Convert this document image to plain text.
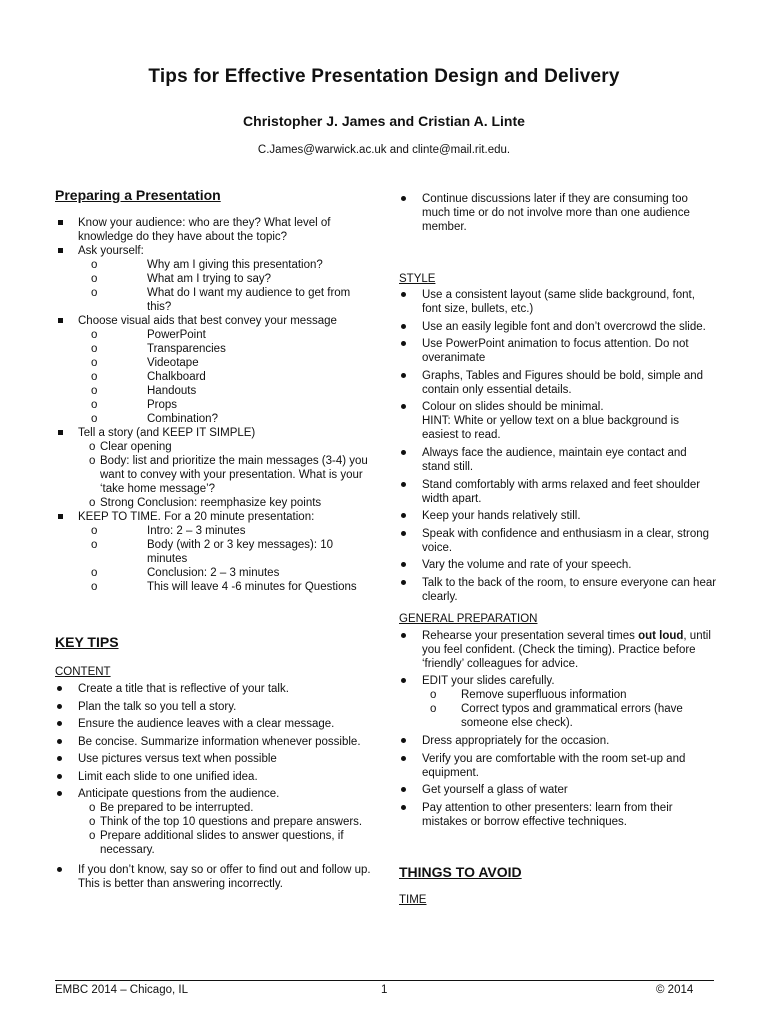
Tips for Effective Presentation Design and Delivery
Christopher J. James and Cristian A. Linte
C.James@warwick.ac.uk and clinte@mail.rit.edu.
Preparing a Presentation
Know your audience: who are they? What level of knowledge do they have about the topic?
Ask yourself:
o	Why am I giving this presentation?
o	What am I trying to say?
o	What do I want my audience to get from this?
Choose visual aids that best convey your message
o	PowerPoint
o	Transparencies
o	Videotape
o	Chalkboard
o	Handouts
o	Props
o	Combination?
Tell a story (and KEEP IT SIMPLE)
o Clear opening
o Body: list and prioritize the main messages (3-4) you want to convey with your presentation. What is your ‘take home message’?
o Strong Conclusion: reemphasize key points
KEEP TO TIME. For a 20 minute presentation:
o	Intro: 2 – 3 minutes
o	Body (with 2 or 3 key messages): 10 minutes
o	Conclusion: 2 – 3 minutes
o	This will leave 4 -6 minutes for Questions
KEY TIPS
CONTENT
Create a title that is reflective of your talk.
Plan the talk so you tell a story.
Ensure the audience leaves with a clear message.
Be concise. Summarize information whenever possible.
Use pictures versus text when possible
Limit each slide to one unified idea.
Anticipate questions from the audience.
o Be prepared to be interrupted.
o Think of the top 10 questions and prepare answers.
o Prepare additional slides to answer questions, if necessary.
If you don’t know, say so or offer to find out and follow up. This is better than answering incorrectly.
Continue discussions later if they are consuming too much time or do not involve more than one audience member.
STYLE
Use a consistent layout (same slide background, font, font size, bullets, etc.)
Use an easily legible font and don’t overcrowd the slide.
Use PowerPoint animation to focus attention. Do not overanimate
Graphs, Tables and Figures should be bold, simple and contain only essential details.
Colour on slides should be minimal.
HINT: White or yellow text on a blue background is easiest to read.
Always face the audience, maintain eye contact and stand still.
Stand comfortably with arms relaxed and feet shoulder width apart.
Keep your hands relatively still.
Speak with confidence and enthusiasm in a clear, strong voice.
Vary the volume and rate of your speech.
Talk to the back of the room, to ensure everyone can hear clearly.
GENERAL PREPARATION
Rehearse your presentation several times out loud, until you feel confident. (Check the timing). Practice before ‘friendly’ colleagues for advice.
EDIT your slides carefully.
o	Remove superfluous information
o	Correct typos and grammatical errors (have someone else check).
Dress appropriately for the occasion.
Verify you are comfortable with the room set-up and equipment.
Get yourself a glass of water
Pay attention to other presenters: learn from their mistakes or borrow effective techniques.
THINGS TO AVOID
TIME
EMBC 2014 – Chicago, IL	1	© 2014
